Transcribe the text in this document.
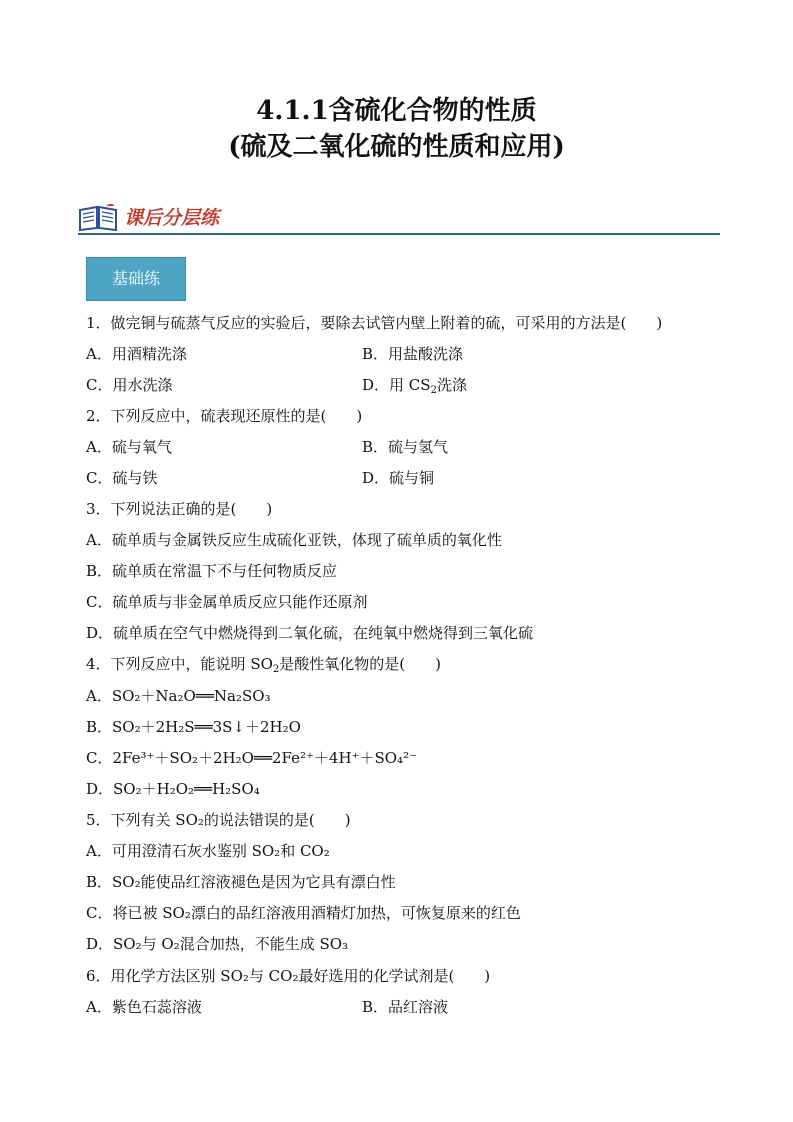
4.1.1含硫化合物的性质
(硫及二氧化硫的性质和应用)
课后分层练
基础练
1．做完铜与硫蒸气反应的实验后，要除去试管内壁上附着的硫，可采用的方法是(　　)
A．用酒精洗涤	B．用盐酸洗涤
C．用水洗涤	D．用 $CS_2$洗涤
2．下列反应中，硫表现还原性的是(　　)
A．硫与氧气	B．硫与氢气
C．硫与铁	D．硫与铜
3．下列说法正确的是(　　)
A．硫单质与金属铁反应生成硫化亚铁，体现了硫单质的氧化性
B．硫单质在常温下不与任何物质反应
C．硫单质与非金属单质反应只能作还原剂
D．硫单质在空气中燃烧得到二氧化硫，在纯氧中燃烧得到三氧化硫
4．下列反应中，能说明 $SO_2$是酸性氧化物的是(　　)
A．SO₂＋Na₂O══Na₂SO₃
B．SO₂＋2H₂S══3S↓＋2H₂O
C．2Fe³⁺＋SO₂＋2H₂O══2Fe²⁺＋4H⁺＋SO₄²⁻
D．SO₂＋H₂O₂══H₂SO₄
5．下列有关 SO₂的说法错误的是(　　)
A．可用澄清石灰水鉴别 SO₂和 CO₂
B．SO₂能使品红溶液褪色是因为它具有漂白性
C．将已被 SO₂漂白的品红溶液用酒精灯加热，可恢复原来的红色
D．SO₂与 O₂混合加热，不能生成 SO₃
6．用化学方法区别 SO₂与 CO₂最好选用的化学试剂是(　　)
A．紫色石蕊溶液	B．品红溶液
